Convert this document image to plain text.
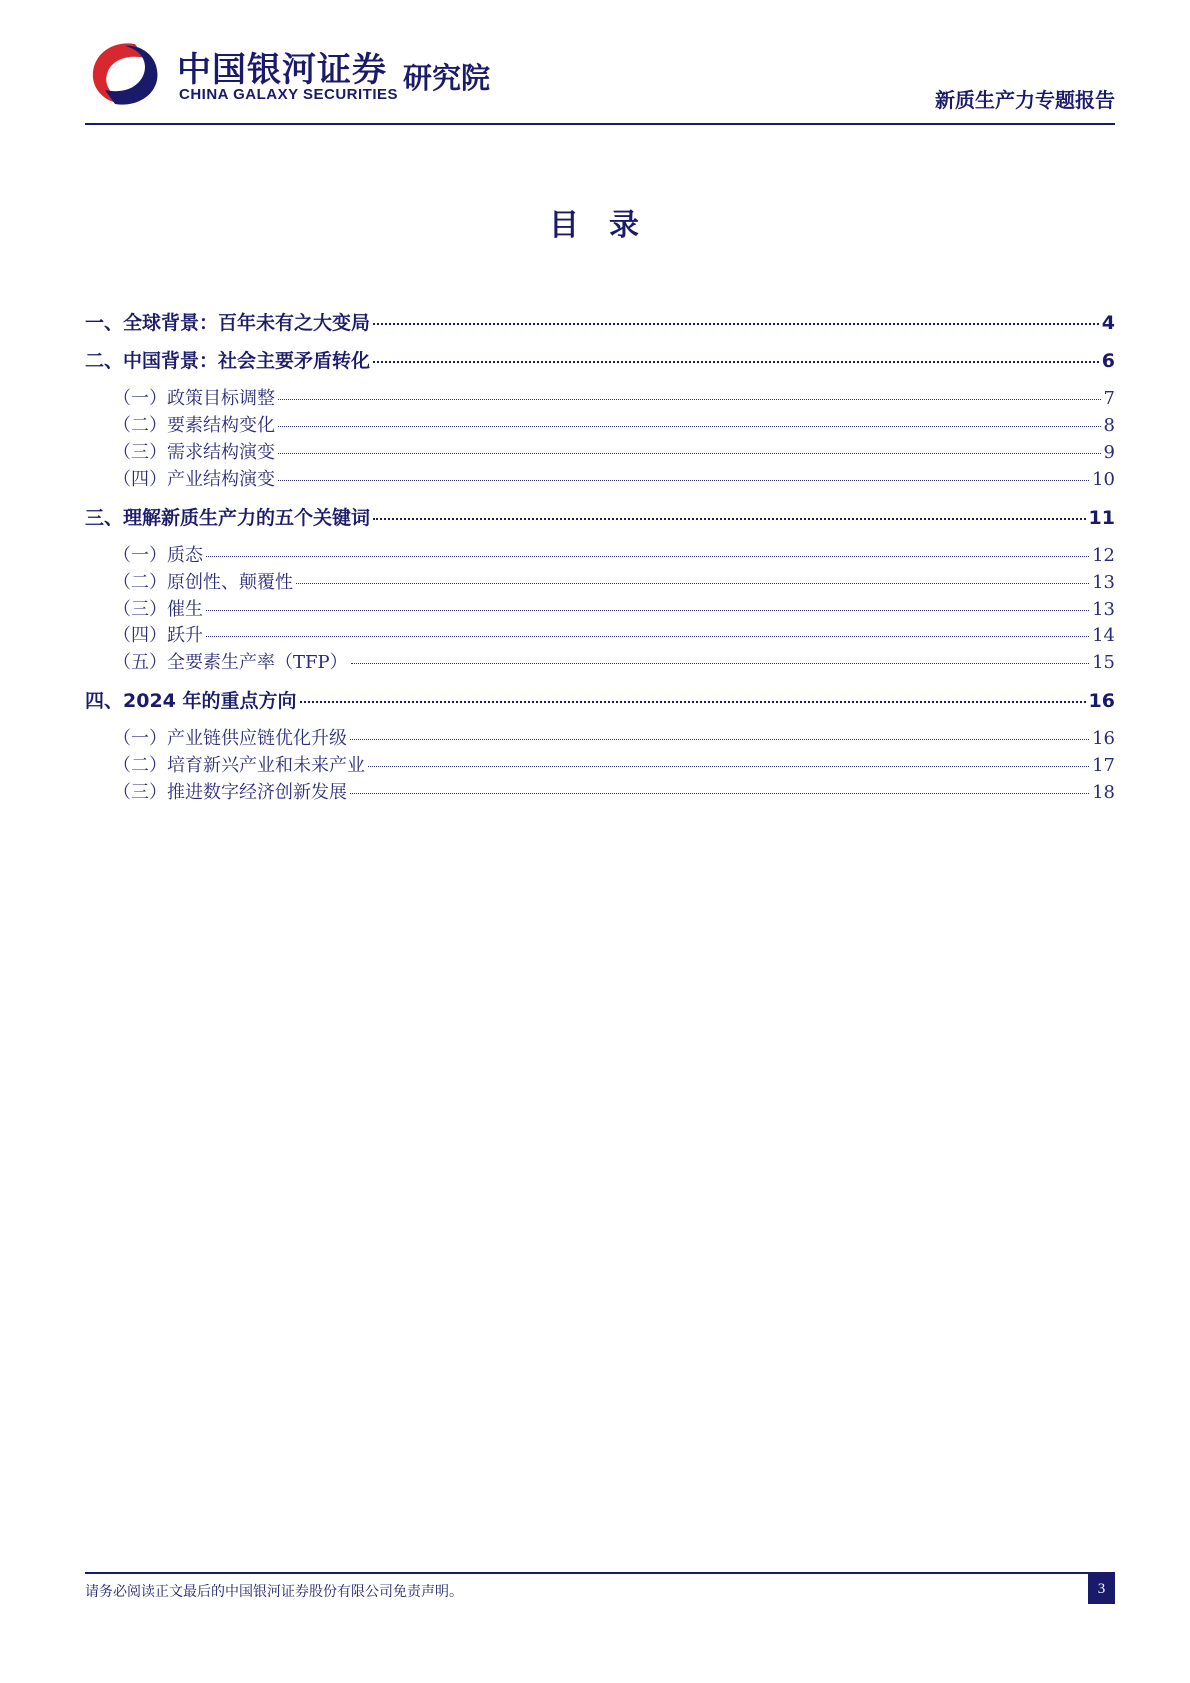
中国银河证券
CHINA GALAXY SECURITIES 研究院
新质生产力专题报告
目 录
一、全球背景：百年未有之大变局	4
二、中国背景：社会主要矛盾转化	6
（一）政策目标调整	7
（二）要素结构变化	8
（三）需求结构演变	9
（四）产业结构演变	10
三、理解新质生产力的五个关键词	11
（一）质态	12
（二）原创性、颠覆性	13
（三）催生	13
（四）跃升	14
（五）全要素生产率（TFP）	15
四、2024 年的重点方向	16
（一）产业链供应链优化升级	16
（二）培育新兴产业和未来产业	17
（三）推进数字经济创新发展	18
请务必阅读正文最后的中国银河证券股份有限公司免责声明。	3
